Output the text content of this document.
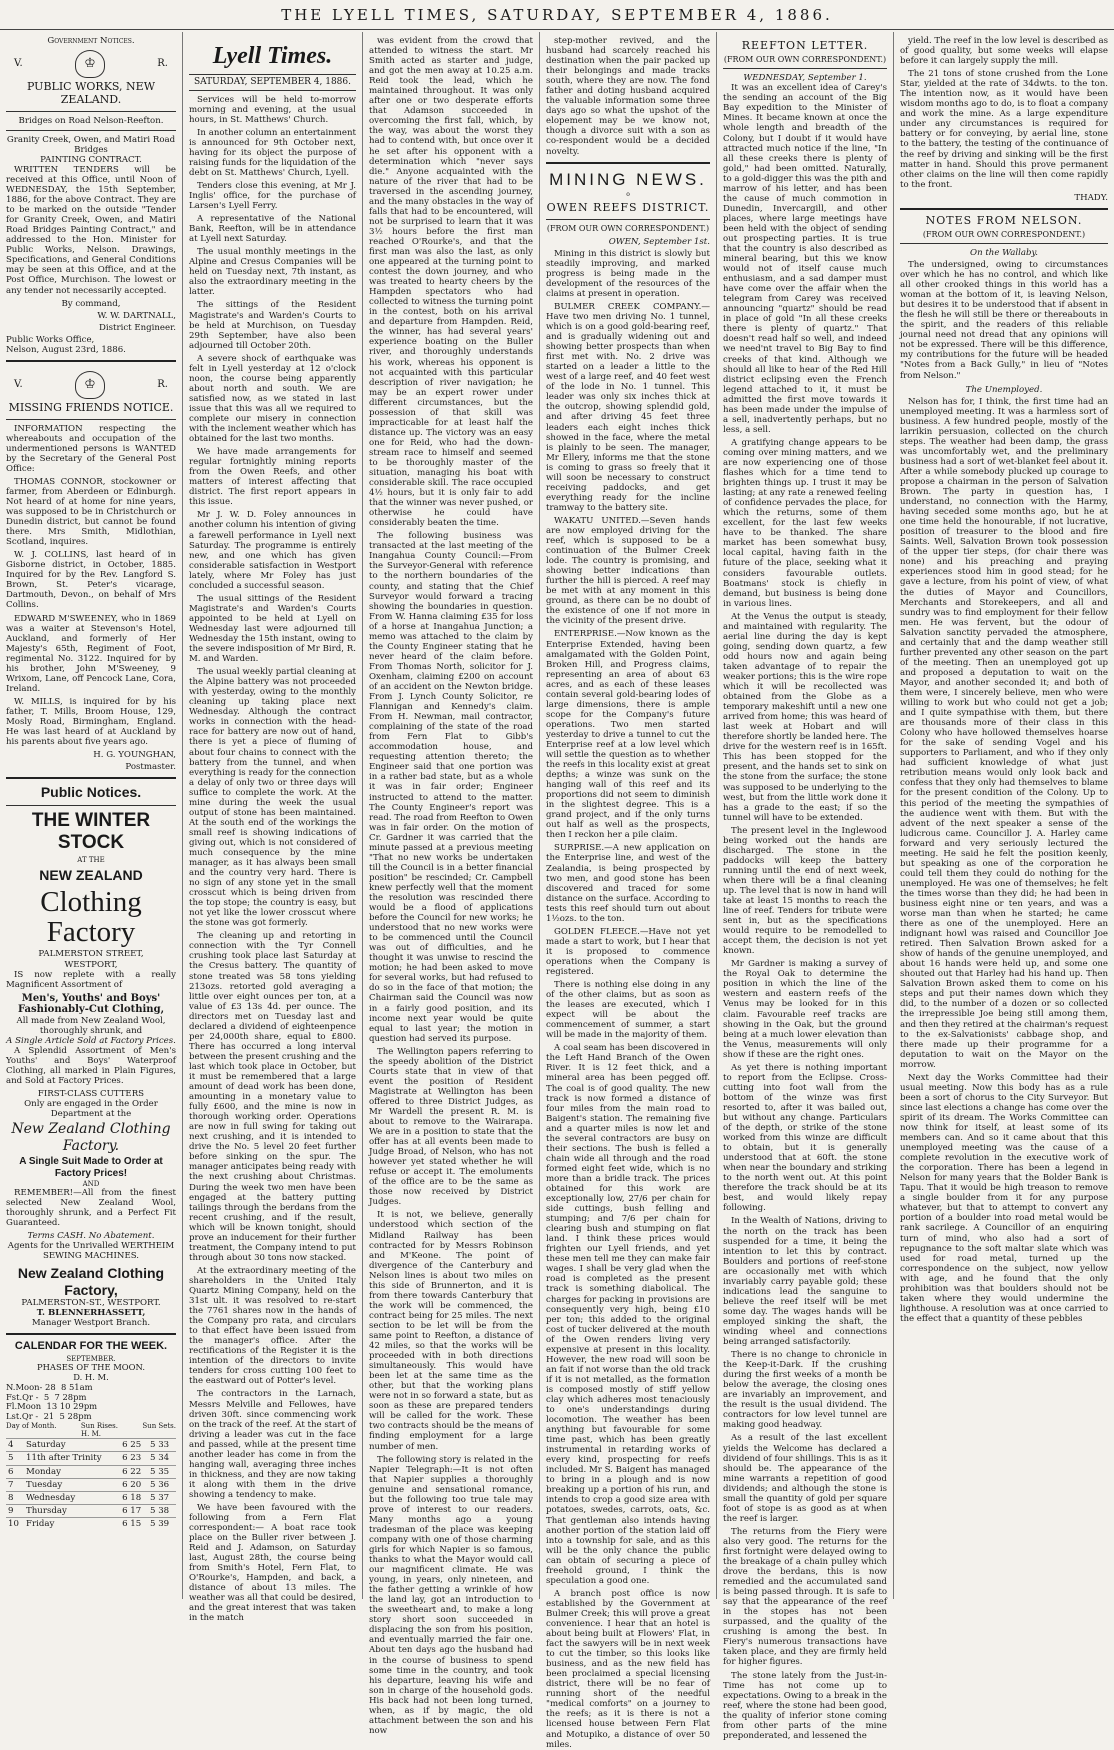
THE LYELL TIMES, SATURDAY, SEPTEMBER 4, 1886.
Government Notices.
V.	♔	R.
PUBLIC WORKS, NEW ZEALAND.
Bridges on Road Nelson-Reefton.
Granity Creek, Owen, and Matiri Road Bridges
PAINTING CONTRACT.

WRITTEN TENDERS will be received at this Office, until Noon of WEDNESDAY, the 15th September, 1886, for the above Contract. They are to be marked on the outside "Tender for Granity Creek, Owen, and Matiri Road Bridges Painting Contract," and addressed to the Hon. Minister for Public Works, Nelson. Drawings, Specifications, and General Conditions may be seen at this Office, and at the Post Office, Murchison. The lowest or any tender not necessarily accepted.

By command,
W. W. DARTNALL,
District Engineer.
Public Works Office,
Nelson, August 23rd, 1886.
V.	♔	R.
MISSING FRIENDS NOTICE.

INFORMATION respecting the whereabouts and occupation of the undermentioned persons is WANTED by the Secretary of the General Post Office:

THOMAS CONNOR, stockowner or farmer, from Aberdeen or Edinburgh. Not heard of at home for nine years, was supposed to be in Christchurch or Dunedin district, but cannot be found there. Mrs Smith, Midlothian, Scotland, inquires.

W. J. COLLINS, last heard of in Gisborne district, in October, 1885. Inquired for by the Rev. Langford S. Brown, St. Peter's vicarage, Dartmouth, Devon., on behalf of Mrs Collins.

EDWARD M'SWEENEY, who in 1869 was a waiter at Stevenson's Hotel, Auckland, and formerly of Her Majesty's 65th, Regiment of Foot, regimental No. 3122. Inquired for by his brother, John M'Sweeney, 9 Wrixom, Lane, off Pencock Lane, Cora, Ireland.

W. MILLS, is inquired for by his father, T. Mills, Broom House, 129, Mosly Road, Birmingham, England. He was last heard of at Auckland by his parents about five years ago.

H. G. YOUNGHAN,
Postmaster.
Public Notices.
THE WINTER STOCK
AT THE
NEW ZEALAND
Clothing Factory
PALMERSTON STREET,
WESTPORT,

IS now replete with a really Magnificent Assortment of

Men's, Youths' and Boys' Fashionably-Cut Clothing,
All made from New Zealand Wool, thoroughly shrunk, and
A Single Article Sold at Factory Prices.

A Splendid Assortment of Men's Youths' and Boys' Waterproof Clothing, all marked in Plain Figures, and Sold at Factory Prices.

FIRST-CLASS CUTTERS
Only are engaged in the Order Department at the
New Zealand Clothing Factory.
A Single Suit Made to Order at Factory Prices!
AND

REMEMBER!—All from the finest selected New Zealand Wool, thoroughly shrunk, and a Perfect Fit Guaranteed.

Terms CASH. No Abatement.
Agents for the Unrivalled WERTHEIM SEWING MACHINES.
New Zealand Clothing Factory,
PALMERSTON-ST., WESTPORT.
T. BLENNERHASSETT,
Manager Westport Branch.
CALENDAR FOR THE WEEK.
SEPTEMBER.
PHASES OF THE MOON.
D. H. M.
N.Moon- 28  8 51am
Fst.Qr -  5  7 28pm
Fl.Moon  13 10 29pm
Lst.Qr -  21  5 28pm
Day of Month.	Sun Rises.	Sun Sets.
H. M.
4	Saturday	6 25	5 33
5	11th after Trinity	6 23	5 34
6	Monday	6 22	5 35
7	Tuesday	6 20	5 36
8	Wednesday	6 18	5 37
9	Thursday	6 17	5 38
10	Friday	6 15	5 39
Lyell Times.
SATURDAY, SEPTEMBER 4, 1886.

Services will be held to-morrow morning and evening, at the usual hours, in St. Matthews' Church.

In another column an entertainment is announced for 9th October next, having for its object the purpose of raising funds for the liquidation of the debt on St. Matthews' Church, Lyell.

Tenders close this evening, at Mr J. Inglis' office, for the purchase of Larsen's Lyell Ferry.

A representative of the National Bank, Reefton, will be in attendance at Lyell next Saturday.

The usual monthly meetings in the Alpine and Cresus Companies will be held on Tuesday next, 7th instant, as also the extraordinary meeting in the latter.

The sittings of the Resident Magistrate's and Warden's Courts to be held at Murchison, on Tuesday 29th September, have also been adjourned till October 20th.

A severe shock of earthquake was felt in Lyell yesterday at 12 o'clock noon, the course being apparently about north and south. We are satisfied now, as we stated in last issue that this was all we required to complete our misery in connection with the inclement weather which has obtained for the last two months.

We have made arrangements for regular fortnightly mining reports from the Owen Reefs, and other matters of interest affecting that district. The first report appears in this issue.

Mr J. W. D. Foley announces in another column his intention of giving a farewell performance in Lyell next Saturday. The programme is entirely new, and one which has given considerable satisfaction in Westport lately, where Mr Foley has just concluded a successful season.

The usual sittings of the Resident Magistrate's and Warden's Courts appointed to be held at Lyell on Wednesday last were adjourned till Wednesday the 15th instant, owing to the severe indisposition of Mr Bird, R. M. and Warden.

The usual weekly partial cleaning at the Alpine battery was not proceeded with yesterday, owing to the monthly cleaning up taking place next Wednesday. Although the contract works in connection with the head-race for battery are now out of hand, there is yet a piece of fluming of about four chains to connect with the battery from the tunnel, and when everything is ready for the connection a delay of only two or three days will suffice to complete the work. At the mine during the week the usual output of stone has been maintained. At the south end of the workings the small reef is showing indications of giving out, which is not considered of much consequence by the mine manager, as it has always been small and the country very hard. There is no sign of any stone yet in the small crosscut which is being driven from the top stope; the country is easy, but not yet like the lower crosscut where the stone was got formerly.

The cleaning up and retorting in connection with the Tyr Connell crushing took place last Saturday at the Cresus battery. The quantity of stone treated was 58 tons yielding 213ozs. retorted gold averaging a little over eight ounces per ton, at a value of £3 13s 4d. per ounce. The directors met on Tuesday last and declared a dividend of eighteenpence per 24,000th share, equal to £800. There has occurred a long interval between the present crushing and the last which took place in October, but it must be remembered that a large amount of dead work has been done, amounting in a monetary value to fully £600, and the mine is now in thorough working order. Operations are now in full swing for taking out next crushing, and it is intended to drive the No. 5 level 20 feet further before sinking on the spur. The manager anticipates being ready with the next crushing about Christmas. During the week two men have been engaged at the battery putting tailings through the berdans from the recent crushing, and if the result, which will be known tonight, should prove an inducement for their further treatment, the Company intend to put through about 30 tons now stacked.

At the extraordinary meeting of the shareholders in the United Italy Quartz Mining Company, held on the 31st ult. it was resolved to re-start the 7761 shares now in the hands of the Company pro rata, and circulars to that effect have been issued from the manager's office. After the rectifications of the Register it is the intention of the directors to invite tenders for cross cutting 100 feet to the eastward out of Potter's level.

The contractors in the Larnach, Messrs Melville and Fellowes, have driven 30ft. since commencing work on the track of the reef. At the start of driving a leader was cut in the face and passed, while at the present time another leader has come in from the hanging wall, averaging three inches in thickness, and they are now taking it along with them in the drive showing a tendency to make.

We have been favoured with the following from a Fern Flat correspondent:— A boat race took place on the Buller river between J. Reid and J. Adamson, on Saturday last, August 28th, the course being from Smith's Hotel, Fern Flat, to O'Rourke's, Hampden, and back, a distance of about 13 miles. The weather was all that could be desired, and the great interest that was taken in the match

was evident from the crowd that attended to witness the start. Mr Smith acted as starter and judge, and got the men away at 10.25 a.m. Reid took the lead, which he maintained throughout. It was only after one or two desperate efforts that Adamson succeeded in overcoming the first fall, which, by the way, was about the worst they had to contend with, but once over it he set after his opponent with a determination which "never says die." Anyone acquainted with the nature of the river that had to be traversed in the ascending journey, and the many obstacles in the way of falls that had to be encountered, will not be surprised to learn that it was 3½ hours before the first man reached O'Rourke's, and that the first man was also the last, as only one appeared at the turning point to contest the down journey, and who was treated to hearty cheers by the Hampden spectators who had collected to witness the turning point in the contest, both on his arrival and departure from Hampden. Reid, the winner, has had several years' experience boating on the Buller river, and thoroughly understands his work, whereas his opponent is not acquainted with this particular description of river navigation; he may be an expert rower under different circumstances, but the possession of that skill was impracticable for at least half the distance up. The victory was an easy one for Reid, who had the down-stream race to himself and seemed to be thoroughly master of the situation, managing his boat with considerable skill. The race occupied 4½ hours, but it is only fair to add that the winner was never pushed, or otherwise he could have considerably beaten the time.

The following business was transacted at the last meeting of the Inangahua County Council:—From the Surveyor-General with reference to the northern boundaries of the county, and stating that the Chief Surveyor would forward a tracing showing the boundaries in question. From W. Hanna claiming £35 for loss of a horse at Inangahua Junction; a memo was attached to the claim by the County Engineer stating that he never heard of the claim before. From Thomas North, solicitor for J. Oxenham, claiming £200 on account of an accident on the Newton bridge. From J. Lynch County Solicitor, re Flannigan and Kennedy's claim. From H. Newman, mail contractor, complaining of the state of the road from Fern Flat to Gibb's accommodation house, and requesting attention thereto; the Engineer said that one portion was in a rather bad state, but as a whole it was in fair order; Engineer instructed to attend to the matter. The County Engineer's report was read. The road from Reefton to Owen was in fair order. On the motion of Cr. Gardner it was carried that the minute passed at a previous meeting "That no new works be undertaken till the Council is in a better financial position" be rescinded; Cr. Campbell knew perfectly well that the moment the resolution was rescinded there would be a flood of applications before the Council for new works; he understood that no new works were to be commenced until the Council was out of difficulties, and he thought it was unwise to rescind the motion; he had been asked to move for several works, but had refused to do so in the face of that motion; the Chairman said the Council was now in a fairly good position, and its income next year would be quite equal to last year; the motion in question had served its purpose.

The Wellington papers referring to the speedy abolition of the District Courts state that in view of that event the position of Resident Magistrate at Wellington has been offered to three District Judges, as Mr Wardell the present R. M. is about to remove to the Wairarapa. We are in a position to state that the offer has at all events been made to Judge Broad, of Nelson, who has not however yet stated whether he will refuse or accept it. The emoluments of the office are to be the same as those now received by District Judges.

It is not, we believe, generally understood which section of the Midland Railway has been contracted for by Messrs Robinson and M'Keone. The point of divergence of the Canterbury and Nelson lines is about two miles on this side of Brunnerton, and it is from there towards Canterbury that the work will be commenced, the contract being for 25 miles. The next section to be let will be from the same point to Reefton, a distance of 42 miles, so that the works will be proceeded with in both directions simultaneously. This would have been let at the same time as the other, but that the working plans were not in so forward a state, but as soon as these are prepared tenders will be called for the work. These two contracts should be the means of finding employment for a large number of men.

The following story is related in the Napier Telegraph:—It is not often that Napier supplies a thoroughly genuine and sensational romance, but the following too true tale may prove of interest to our readers. Many months ago a young tradesman of the place was keeping company with one of those charming girls for which Napier is so famous, thanks to what the Mayor would call our magnificent climate. He was young, in years, only nineteen, and the father getting a wrinkle of how the land lay, got an introduction to the sweetheart and, to make a long story short soon succeeded in displacing the son from his position, and eventually married the fair one. About ten days ago the husband had in the course of business to spend some time in the country, and took his departure, leaving his wife and son in charge of the household gods. His back had not been long turned, when, as if by magic, the old attachment between the son and his now

step-mother revived, and the husband had scarcely reached his destination when the pair packed up their belongings and made tracks south, where they are now. The fond father and doting husband acquired the valuable information some three days ago so what the upshot of the elopement may be we know not, though a divorce suit with a son as co-respondent would be a decided novelty.

MINING NEWS.
o
OWEN REEFS DISTRICT.
(FROM OUR OWN CORRESPONDENT.)
OWEN, September 1st.

Mining in this district is slowly but steadily improving, and marked progress is being made in the development of the resources of the claims at present in operation.

BULMER CREEK COMPANY.—Have two men driving No. 1 tunnel, which is on a good gold-bearing reef, and is gradually widening out and showing better prospects than when first met with. No. 2 drive was started on a leader a little to the west of a large reef, and 40 feet west of the lode in No. 1 tunnel. This leader was only six inches thick at the outcrop, showing splendid gold, and after driving 45 feet three leaders each eight inches thick showed in the face, where the metal is plainly to be seen. The manager, Mr Ellery, informs me that the stone is coming to grass so freely that it will soon be necessary to construct receiving paddocks, and get everything ready for the incline tramway to the battery site.

WAKATU UNITED.—Seven hands are now employed driving for the reef, which is supposed to be a continuation of the Bulmer Creek lode. The country is promising, and showing better indications than further the hill is pierced. A reef may be met with at any moment in this ground, as there can be no doubt of the existence of one if not more in the vicinity of the present drive.

ENTERPRISE.—Now known as the Enterprise Extended, having been amalgamated with the Golden Point, Broken Hill, and Progress claims, representing an area of about 63 acres, and as each of these leases contain several gold-bearing lodes of large dimensions, there is ample scope for the Company's future operations. Two men started yesterday to drive a tunnel to cut the Enterprise reef at a low level which will settle the question as to whether the reefs in this locality exist at great depths; a winze was sunk on the hanging wall of this reef and its proportions did not seem to diminish in the slightest degree. This is a grand project, and if the only turns out half as well as the prospects, then I reckon her a pile claim.

SURPRISE.—A new application on the Enterprise line, and west of the Zealandia, is being prospected by two men, and good stone has been discovered and traced for some distance on the surface. According to tests this reef should turn out about 1½ozs. to the ton.

GOLDEN FLEECE.—Have not yet made a start to work, but I hear that it is proposed to commence operations when the Company is registered.

There is nothing else doing in any of the other claims, but as soon as the leases are executed, which I expect will be about the commencement of summer, a start will be made in the majority of them.

A coal seam has been discovered in the Left Hand Branch of the Owen River. It is 12 feet thick, and a mineral area has been pegged off. The coal is of good quality. The new track is now formed a distance of four miles from the main road to Baigent's station. The remaining five and a quarter miles is now let and the several contractors are busy on their sections. The bush is felled a chain wide all through and the road formed eight feet wide, which is no more than a bridle track. The prices obtained for this work are exceptionally low, 27/6 per chain for side cuttings, bush felling and stumping; and 7/6 per chain for clearing bush and stumping on flat land. I think these prices would frighten our Lyell friends, and yet these men tell me they can make fair wages. I shall be very glad when the road is completed as the present track is something diabolical. The charges for packing in provisions are consequently very high, being £10 per ton; this added to the original cost of tucker delivered at the mouth of the Owen renders living very expensive at present in this locality. However, the new road will soon be an fait if not worse than the old track if it is not metalled, as the formation is composed mostly of stiff yellow clay which adheres most tenaciously to one's understandings during locomotion. The weather has been anything but favourable for some time past, which has been greatly instrumental in retarding works of every kind, prospecting for reefs included. Mr S. Baigent has managed to bring in a plough and is now breaking up a portion of his run, and intends to crop a good size area with potatoes, swedes, carrots, oats, &c. That gentleman also intends having another portion of the station laid off into a township for sale, and as this will be the only chance the public can obtain of securing a piece of freehold ground, I think the speculation a good one.

A branch post office is now established by the Government at Bulmer Creek; this will prove a great convenience. I hear that an hotel is about being built at Flowers' Flat, in fact the sawyers will be in next week to cut the timber, so this looks like business, and as the new field has been proclaimed a special licensing district, there will be no fear of running short of the needful "medical comforts" on a journey to the reefs; as it is there is not a licensed house between Fern Flat and Motupiko, a distance of over 50 miles.

REEFTON LETTER.
(FROM OUR OWN CORRESPONDENT.)
WEDNESDAY, September 1.

It was an excellent idea of Carey's the sending an account of the Big Bay expedition to the Minister of Mines. It became known at once the whole length and breadth of the Colony, but I doubt if it would have attracted much notice if the line, "In all these creeks there is plenty of gold," had been omitted. Naturally, to a gold-digger this was the pith and marrow of his letter, and has been the cause of much commotion in Dunedin, Invercargill, and other places, where large meetings have been held with the object of sending out prospecting parties. It is true that the country is also described as mineral bearing, but this we know would not of itself cause much enthusiasm, and a sad damper must have come over the affair when the telegram from Carey was received announcing "quartz" should be read in place of gold "In all these creeks there is plenty of quartz." That doesn't read half so well, and indeed we need'nt travel to Big Bay to find creeks of that kind. Although we should all like to hear of the Red Hill district eclipsing even the French legend attached to it, it must be admitted the first move towards it has been made under the impulse of a sell, inadvertently perhaps, but no less, a sell.

A gratifying change appears to be coming over mining matters, and we are now experiencing one of those flashes which for a time tend to brighten things up. I trust it may be lasting; at any rate a renewed feeling of confidence pervades the place, for which the returns, some of them excellent, for the last few weeks have to be thanked. The share market has been somewhat busy, local capital, having faith in the future of the place, seeking what it considers favourable outlets. Boatmans' stock is chiefly in demand, but business is being done in various lines.

At the Venus the output is steady, and maintained with regularity. The aerial line during the day is kept going, sending down quartz, a few odd hours now and again being taken advantage of to repair the weaker portions; this is the wire rope which it will be recollected was obtained from the Globe as a temporary makeshift until a new one arrived from home; this was heard of last week at Hobart and will therefore shortly be landed here. The drive for the western reef is in 165ft. This has been stopped for the present, and the hands set to sink on the stone from the surface; the stone was supposed to be underlying to the west, but from the little work done it has a grade to the east; if so the tunnel will have to be extended.

The present level in the Inglewood being worked out the hands are discharged. The stone in the paddocks will keep the battery running until the end of next week, when there will be a final cleaning up. The level that is now in hand will take at least 15 months to reach the line of reef. Tenders for tribute were sent in, but as the specifications would require to be remodelled to accept them, the decision is not yet known.

Mr Gardner is making a survey of the Royal Oak to determine the position in which the line of the western and eastern reefs of the Venus may be looked for in this claim. Favourable reef tracks are showing in the Oak, but the ground being at a much lower elevation than the Venus, measurements will only show if these are the right ones.

As yet there is nothing important to report from the Eclipse. Cross-cutting into foot wall from the bottom of the winze was first resorted to, after it was bailed out, but without any change. Particulars of the depth, or strike of the stone worked from this winze are difficult to obtain, but it is generally understood that at 60ft. the stone when near the boundary and striking to the north went out. At this point therefore the track should be at its best, and would likely repay following.

In the Wealth of Nations, driving to the north on the track has been suspended for a time, it being the intention to let this by contract. Boulders and portions of reef-stone are occasionally met with which invariably carry payable gold; these indications lead the sanguine to believe the reef itself will be met some day. The wages hands will be employed sinking the shaft, the winding wheel and connections being arranged satisfactorily.

There is no change to chronicle in the Keep-it-Dark. If the crushing during the first weeks of a month be below the average, the closing ones are invariably an improvement, and the result is the usual dividend. The contractors for low level tunnel are making good headway.

As a result of the last excellent yields the Welcome has declared a dividend of four shillings. This is as it should be. The appearance of the mine warrants a repetition of good dividends; and although the stone is small the quantity of gold per square foot of stope is as good as at when the reef is larger.

The returns from the Fiery were also very good. The returns for the first fortnight were delayed owing to the breakage of a chain pulley which drove the berdans, this is now remedied and the accumulated sand is being passed through. It is safe to say that the appearance of the reef in the stopes has not been surpassed, and the quality of the crushing is among the best. In Fiery's numerous transactions have taken place, and they are firmly held for higher figures.

The stone lately from the Just-in-Time has not come up to expectations. Owing to a break in the reef, where the stone had been good, the quality of inferior stone coming from other parts of the mine preponderated, and lessened the

yield. The reef in the low level is described as of good quality, but some weeks will elapse before it can largely supply the mill.

The 21 tons of stone crushed from the Lone Star, yielded at the rate of 34dwts. to the ton. The intention now, as it would have been wisdom months ago to do, is to float a company and work the mine. As a large expenditure under any circumstances is required for battery or for conveying, by aerial line, stone to the battery, the testing of the continuance of the reef by driving and sinking will be the first matter in hand. Should this prove permanent other claims on the line will then come rapidly to the front.

THADY.
NOTES FROM NELSON.
(FROM OUR OWN CORRESPONDENT.)
On the Wallaby.

The undersigned, owing to circumstances over which he has no control, and which like all other crooked things in this world has a woman at the bottom of it, is leaving Nelson, but desires it to be understood that if absent in the flesh he will still be there or thereabouts in the spirit, and the readers of this reliable journal need not dread that any opinions will not be expressed. There will be this difference, my contributions for the future will be headed "Notes from a Back Gully," in lieu of "Notes from Nelson."

The Unemployed.

Nelson has for, I think, the first time had an unemployed meeting. It was a harmless sort of business. A few hundred people, mostly of the larrikin persuasion, collected on the church steps. The weather had been damp, the grass was uncomfortably wet, and the preliminary business had a sort of wet-blanket feel about it. After a while somebody plucked up courage to propose a chairman in the person of Salvation Brown. The party in question has, I understand, no connection with the Harmy, having seceded some months ago, but he at one time held the honourable, if not lucrative, position of treasurer to the blood and fire Saints. Well, Salvation Brown took possession of the upper tier steps, (for chair there was none) and his preaching and praying experiences stood him in good stead; for he gave a lecture, from his point of view, of what the duties of Mayor and Councillors, Merchants and Storekeepers, and all and sundry was to find employment for their fellow men. He was fervent, but the odour of Salvation sanctity pervaded the atmosphere, and certainly that and the damp weather still further prevented any other season on the part of the meeting. Then an unemployed got up and proposed a deputation to wait on the Mayor, and another seconded it; and both of them were, I sincerely believe, men who were willing to work but who could not get a job; and I quite sympathise with them, but there are thousands more of their class in this Colony who have hollowed themselves hoarse for the sake of sending Vogel and his supporters to Parliament, and who if they only had sufficient knowledge of what just retribution means would only look back and confess that they only had themselves to blame for the present condition of the Colony. Up to this period of the meeting the sympathies of the audience went with them. But with the advent of the next speaker a sense of the ludicrous came. Councillor J. A. Harley came forward and very seriously lectured the meeting. He said he felt the position keenly, but speaking as one of the corporation he could tell them they could do nothing for the unemployed. He was one of themselves; he felt the times worse than they did; he had been in business eight nine or ten years, and was a worse man than when he started; he came there as one of the unemployed. Here an indignant howl was raised and Councillor Joe retired. Then Salvation Brown asked for a show of hands of the genuine unemployed, and about 16 hands were held up, and some one shouted out that Harley had his hand up. Then Salvation Brown asked them to come on his steps and put their names down which they did, to the number of a dozen or so collected the irrepressible Joe being still among them, and then they retired at the chairman's request to the ex-Salvationists' cabbage shop, and there made up their programme for a deputation to wait on the Mayor on the morrow.

Next day the Works Committee had their usual meeting. Now this body has as a rule been a sort of chorus to the City Surveyor. But since last elections a change has come over the spirit of its dream. The Works Committee can now think for itself, at least some of its members can. And so it came about that this unemployed meeting was the cause of a complete revolution in the executive work of the corporation. There has been a legend in Nelson for many years that the Bolder Bank is Tapu. That it would be high treason to remove a single boulder from it for any purpose whatever, but that to attempt to convert any portion of a boulder into road metal would be rank sacrilege. A Councillor of an enquiring turn of mind, who also had a sort of repugnance to the soft maltar slate which was used for road metal, turned up the correspondence on the subject, now yellow with age, and he found that the only prohibition was that boulders should not be taken where they would undermine the lighthouse. A resolution was at once carried to the effect that a quantity of these pebbles
